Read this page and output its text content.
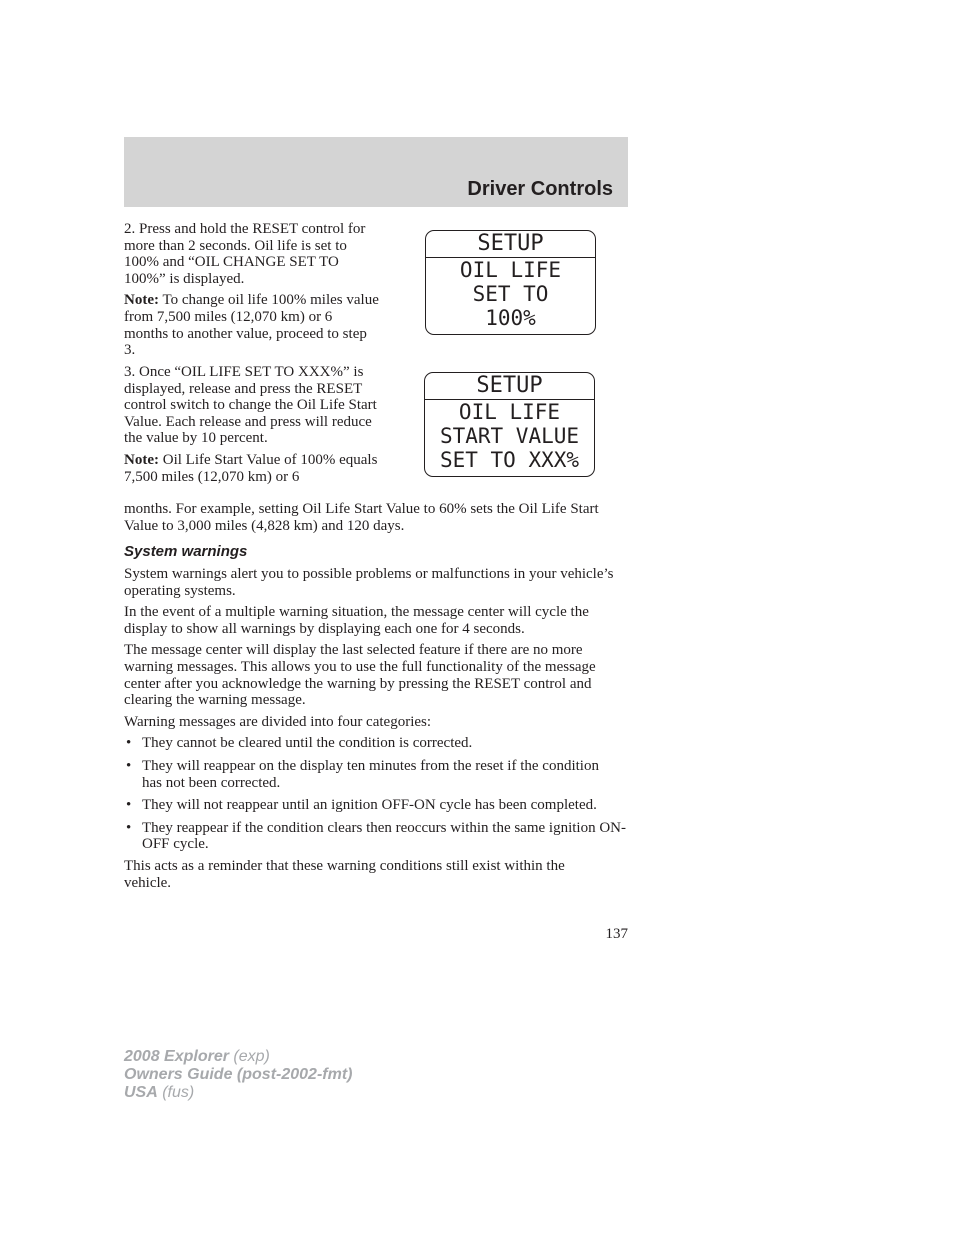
Driver Controls

2. Press and hold the RESET control for more than 2 seconds. Oil life is set to 100% and “OIL CHANGE SET TO 100%” is displayed.

Note: To change oil life 100% miles value from 7,500 miles (12,070 km) or 6 months to another value, proceed to step 3.

3. Once “OIL LIFE SET TO XXX%” is displayed, release and press the RESET control switch to change the Oil Life Start Value. Each release and press will reduce the value by 10 percent.

Note: Oil Life Start Value of 100% equals 7,500 miles (12,070 km) or 6

months. For example, setting Oil Life Start Value to 60% sets the Oil Life Start Value to 3,000 miles (4,828 km) and 120 days.

SETUP
OIL LIFE
SET TO
100%
SETUP
OIL LIFE
START VALUE
SET TO XXX%
System warnings

System warnings alert you to possible problems or malfunctions in your vehicle’s operating systems.

In the event of a multiple warning situation, the message center will cycle the display to show all warnings by displaying each one for 4 seconds.

The message center will display the last selected feature if there are no more warning messages. This allows you to use the full functionality of the message center after you acknowledge the warning by pressing the RESET control and clearing the warning message.

Warning messages are divided into four categories:

• They cannot be cleared until the condition is corrected.
• They will reappear on the display ten minutes from the reset if the condition has not been corrected.
• They will not reappear until an ignition OFF-ON cycle has been completed.
• They reappear if the condition clears then reoccurs within the same ignition ON-OFF cycle.

This acts as a reminder that these warning conditions still exist within the vehicle.

137
2008 Explorer (exp)
Owners Guide (post-2002-fmt)
USA (fus)
